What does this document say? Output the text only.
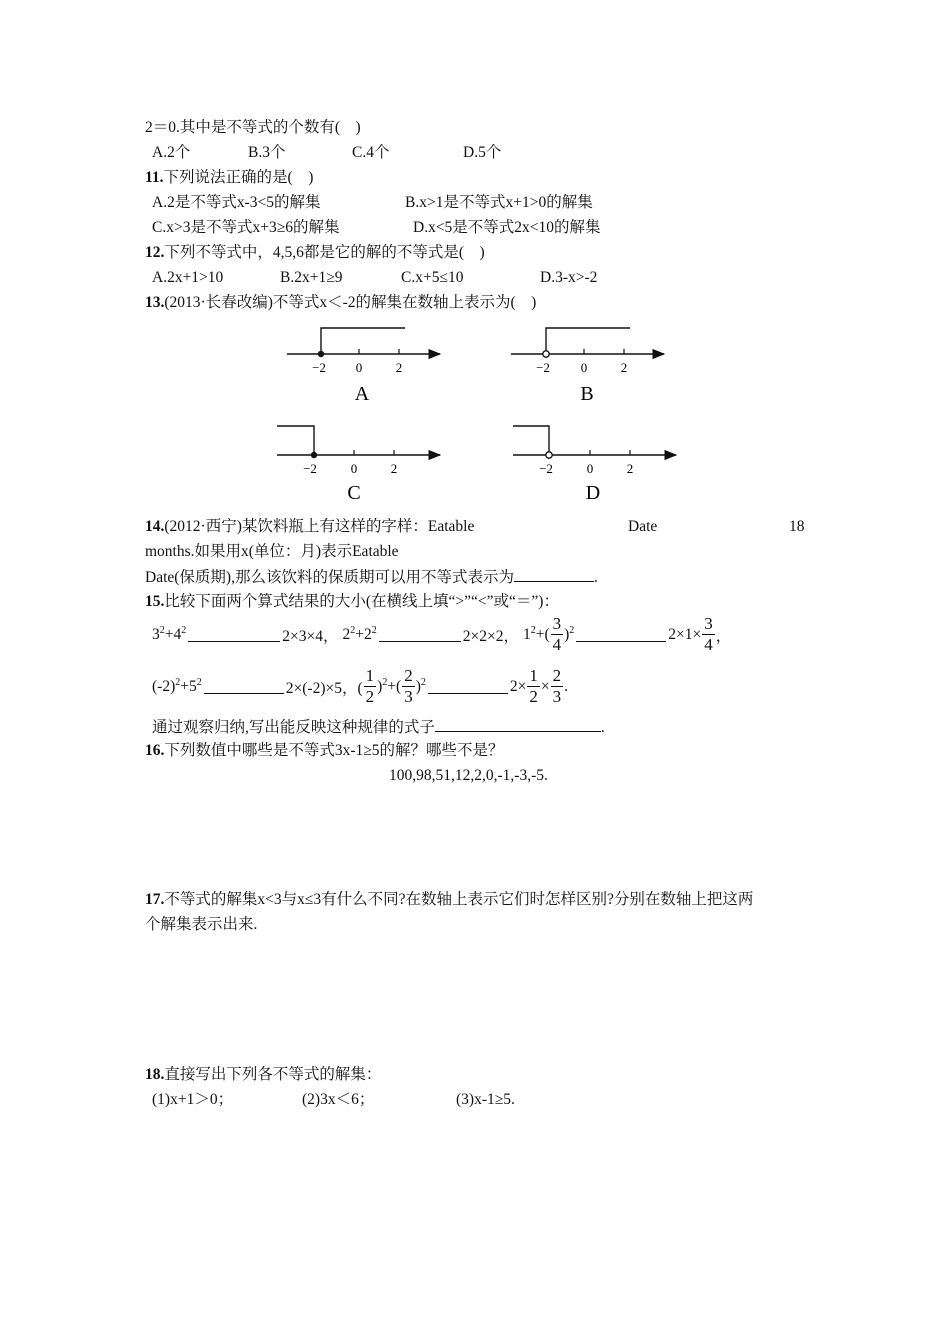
2＝0.其中是不等式的个数有(　)
A.2个	B.3个	C.4个	D.5个
11.下列说法正确的是(　)
A.2是不等式x-3<5的解集	B.x>1是不等式x+1>0的解集
C.x>3是不等式x+3≥6的解集	D.x<5是不等式2x<10的解集
12.下列不等式中，4,5,6都是它的解的不等式是(　)
A.2x+1>10	B.2x+1≥9	C.x+5≤10	D.3-x>-2
13.(2013·长春改编)不等式x＜-2的解集在数轴上表示为(　)
−2 0	2
A
−2 0	2
B
−2	0	2
C
−2	0	2
D
14.(2012·西宁)某饮料瓶上有这样的字样：Eatable	Date	18
months.如果用x(单位：月)表示Eatable
Date(保质期),那么该饮料的保质期可以用不等式表示为	.
15.比较下面两个算式结果的大小(在横线上填“>”“<”或“＝”)：
$3^2+4^2$	2×3×4， $2^2+2^2$	2×2×2， $1^2+( \frac{3}{4} )^2$	$2\times 1\times \frac{3}{4}$ ，
$(-2)^2+5^2$	2×(-2)×5，( $\frac{1}{2} )^2+( \frac{2}{3} )^2$	$2\times \frac{1}{2} \times \frac{2}{3}$ .
通过观察归纳,写出能反映这种规律的式子	.
16.下列数值中哪些是不等式3x-1≥5的解？哪些不是？
100,98,51,12,2,0,-1,-3,-5.
17.不等式的解集x<3与x≤3有什么不同?在数轴上表示它们时怎样区别?分别在数轴上把这两
个解集表示出来.
18.直接写出下列各不等式的解集：
(1)x+1＞0；	(2)3x＜6；	(3)x-1≥5.
